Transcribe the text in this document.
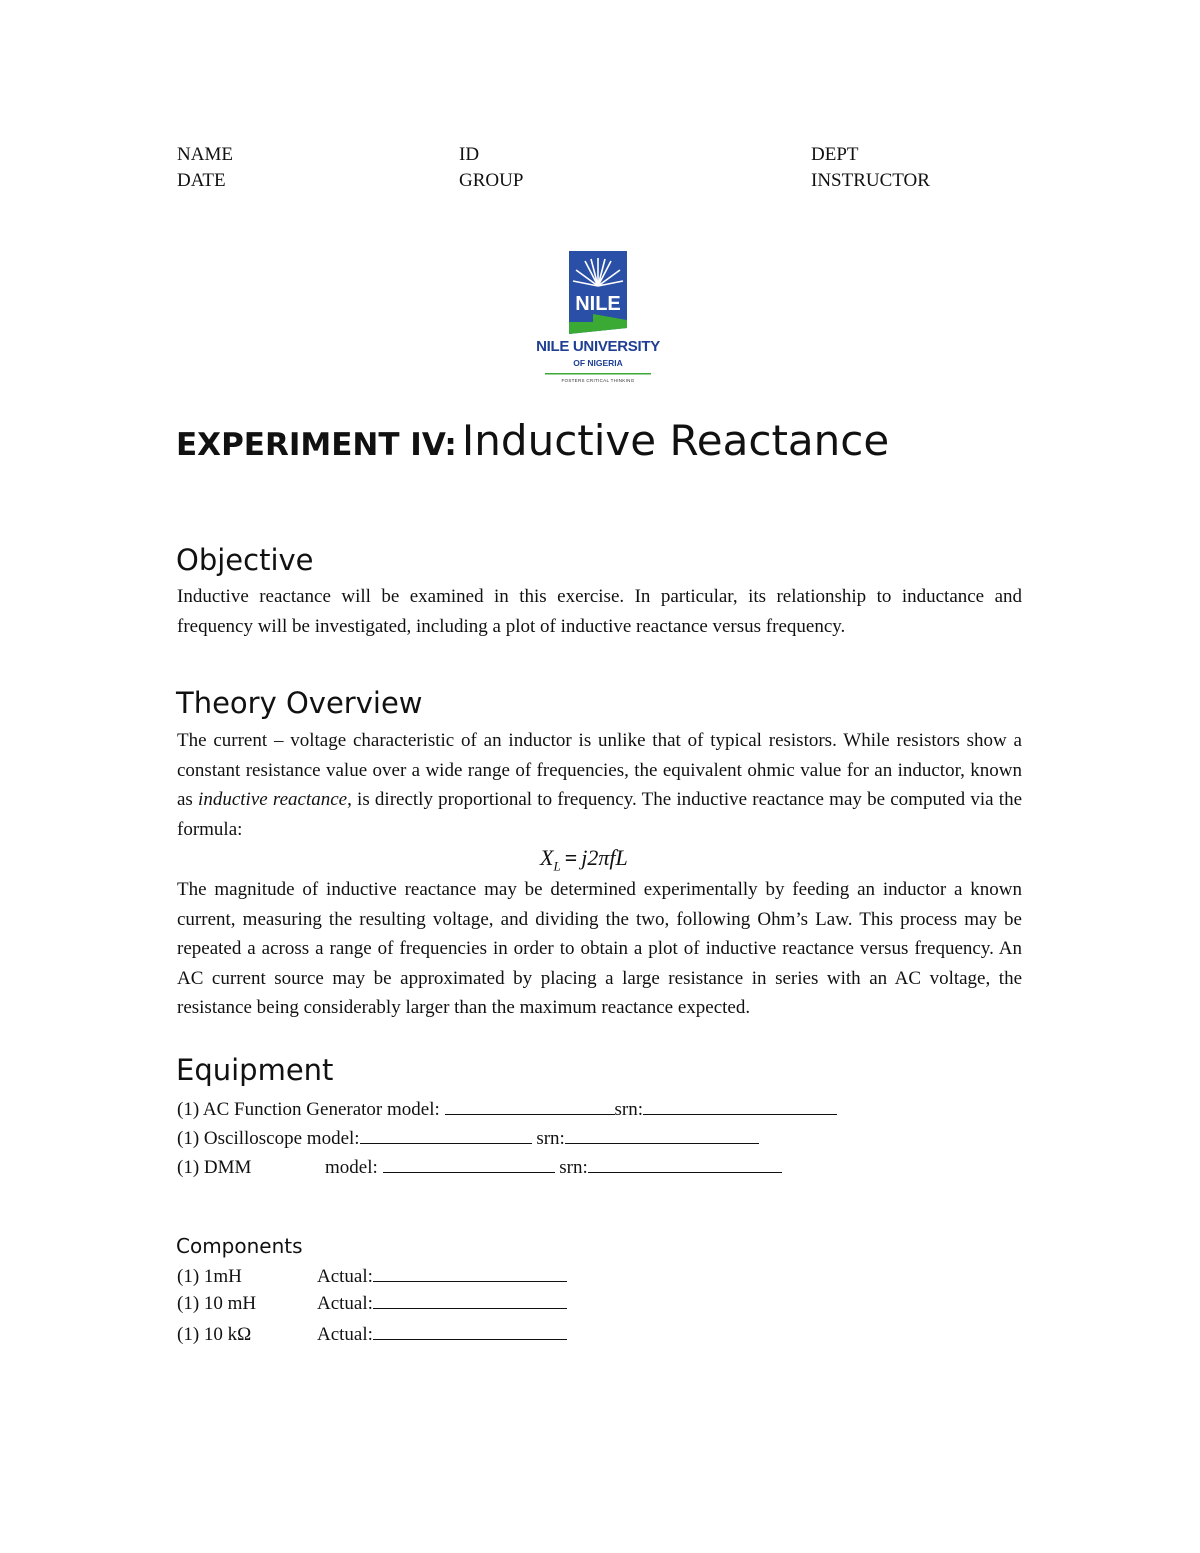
NAME	ID	DEPT
DATE	GROUP	INSTRUCTOR
NILE
NILE UNIVERSITY
OF NIGERIA
FOSTERS CRITICAL THINKING
EXPERIMENT IV: Inductive Reactance
Objective
Inductive reactance will be examined in this exercise. In particular, its relationship to inductance and frequency will be investigated, including a plot of inductive reactance versus frequency.
Theory Overview
The current – voltage characteristic of an inductor is unlike that of typical resistors. While resistors show a constant resistance value over a wide range of frequencies, the equivalent ohmic value for an inductor, known as inductive reactance, is directly proportional to frequency. The inductive reactance may be computed via the formula:
$X_L = j2\pi fL$
The magnitude of inductive reactance may be determined experimentally by feeding an inductor a known current, measuring the resulting voltage, and dividing the two, following Ohm’s Law. This process may be repeated a across a range of frequencies in order to obtain a plot of inductive reactance versus frequency. An AC current source may be approximated by placing a large resistance in series with an AC voltage, the resistance being considerably larger than the maximum reactance expected.
Equipment
(1) AC Function Generator model:	srn:
(1) Oscilloscope model:	srn:
(1) DMM	model:	srn:
Components
(1) 1mH	Actual:
(1) 10 mH	Actual:
(1) 10 kΩ	Actual:
